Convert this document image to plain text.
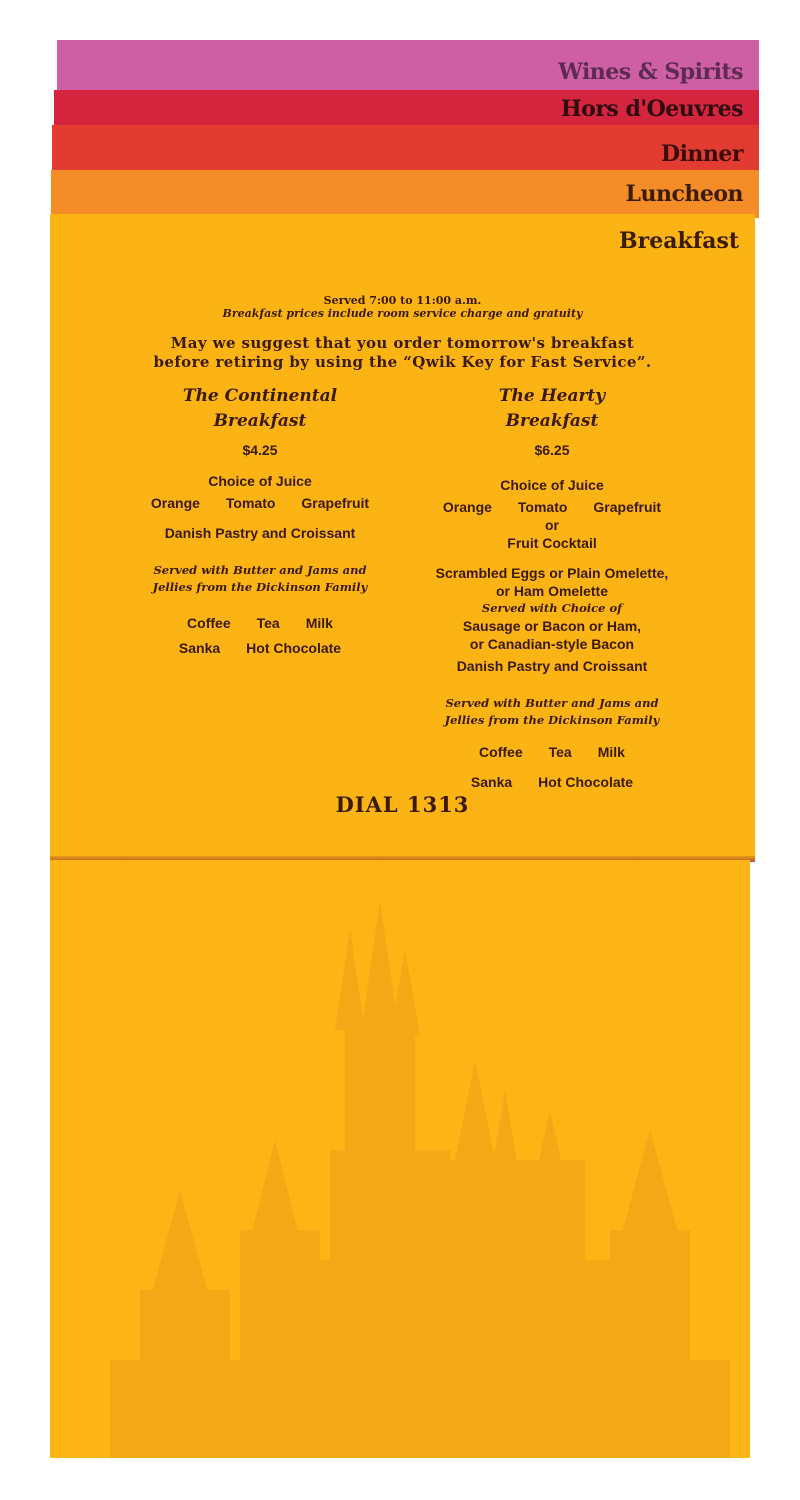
Wines & Spirits
Hors d'Oeuvres
Dinner
Luncheon
Breakfast
Served 7:00 to 11:00 a.m.
Breakfast prices include room service charge and gratuity
May we suggest that you order tomorrow's breakfast
before retiring by using the “Qwik Key for Fast Service”.
The Continental
Breakfast
$4.25
Choice of Juice
Orange Tomato Grapefruit
Danish Pastry and Croissant
Served with Butter and Jams and
Jellies from the Dickinson Family
Coffee Tea Milk
Sanka Hot Chocolate
The Hearty
Breakfast
$6.25
Choice of Juice
Orange Tomato Grapefruit
or
Fruit Cocktail
Scrambled Eggs or Plain Omelette,
or Ham Omelette
Served with Choice of
Sausage or Bacon or Ham,
or Canadian-style Bacon
Danish Pastry and Croissant
Served with Butter and Jams and
Jellies from the Dickinson Family
Coffee Tea Milk
Sanka Hot Chocolate
DIAL 1313
